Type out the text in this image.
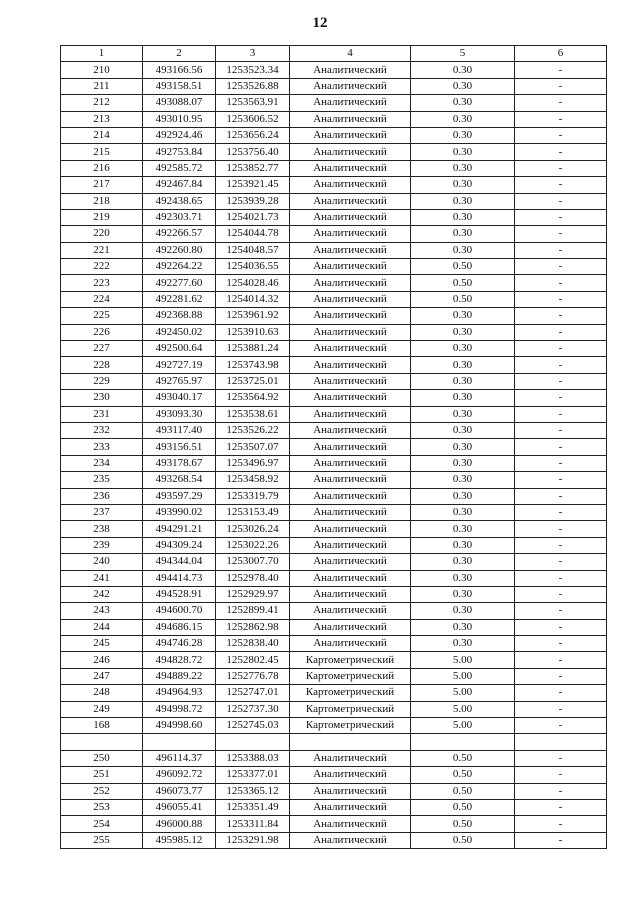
12
1	2	3	4	5	6
210	493166.56	1253523.34	Аналитический	0.30	-
211	493158.51	1253526.88	Аналитический	0.30	-
212	493088.07	1253563.91	Аналитический	0.30	-
213	493010.95	1253606.52	Аналитический	0.30	-
214	492924.46	1253656.24	Аналитический	0.30	-
215	492753.84	1253756.40	Аналитический	0.30	-
216	492585.72	1253852.77	Аналитический	0.30	-
217	492467.84	1253921.45	Аналитический	0.30	-
218	492438.65	1253939.28	Аналитический	0.30	-
219	492303.71	1254021.73	Аналитический	0.30	-
220	492266.57	1254044.78	Аналитический	0.30	-
221	492260.80	1254048.57	Аналитический	0.30	-
222	492264.22	1254036.55	Аналитический	0.50	-
223	492277.60	1254028.46	Аналитический	0.50	-
224	492281.62	1254014.32	Аналитический	0.50	-
225	492368.88	1253961.92	Аналитический	0.30	-
226	492450.02	1253910.63	Аналитический	0.30	-
227	492500.64	1253881.24	Аналитический	0.30	-
228	492727.19	1253743.98	Аналитический	0.30	-
229	492765.97	1253725.01	Аналитический	0.30	-
230	493040.17	1253564.92	Аналитический	0.30	-
231	493093.30	1253538.61	Аналитический	0.30	-
232	493117.40	1253526.22	Аналитический	0.30	-
233	493156.51	1253507.07	Аналитический	0.30	-
234	493178.67	1253496.97	Аналитический	0.30	-
235	493268.54	1253458.92	Аналитический	0.30	-
236	493597.29	1253319.79	Аналитический	0.30	-
237	493990.02	1253153.49	Аналитический	0.30	-
238	494291.21	1253026.24	Аналитический	0.30	-
239	494309.24	1253022.26	Аналитический	0.30	-
240	494344.04	1253007.70	Аналитический	0.30	-
241	494414.73	1252978.40	Аналитический	0.30	-
242	494528.91	1252929.97	Аналитический	0.30	-
243	494600.70	1252899.41	Аналитический	0.30	-
244	494686.15	1252862.98	Аналитический	0.30	-
245	494746.28	1252838.40	Аналитический	0.30	-
246	494828.72	1252802.45	Картометрический	5.00	-
247	494889.22	1252776.78	Картометрический	5.00	-
248	494964.93	1252747.01	Картометрический	5.00	-
249	494998.72	1252737.30	Картометрический	5.00	-
168	494998.60	1252745.03	Картометрический	5.00	-

250	496114.37	1253388.03	Аналитический	0.50	-
251	496092.72	1253377.01	Аналитический	0.50	-
252	496073.77	1253365.12	Аналитический	0.50	-
253	496055.41	1253351.49	Аналитический	0.50	-
254	496000.88	1253311.84	Аналитический	0.50	-
255	495985.12	1253291.98	Аналитический	0.50	-
